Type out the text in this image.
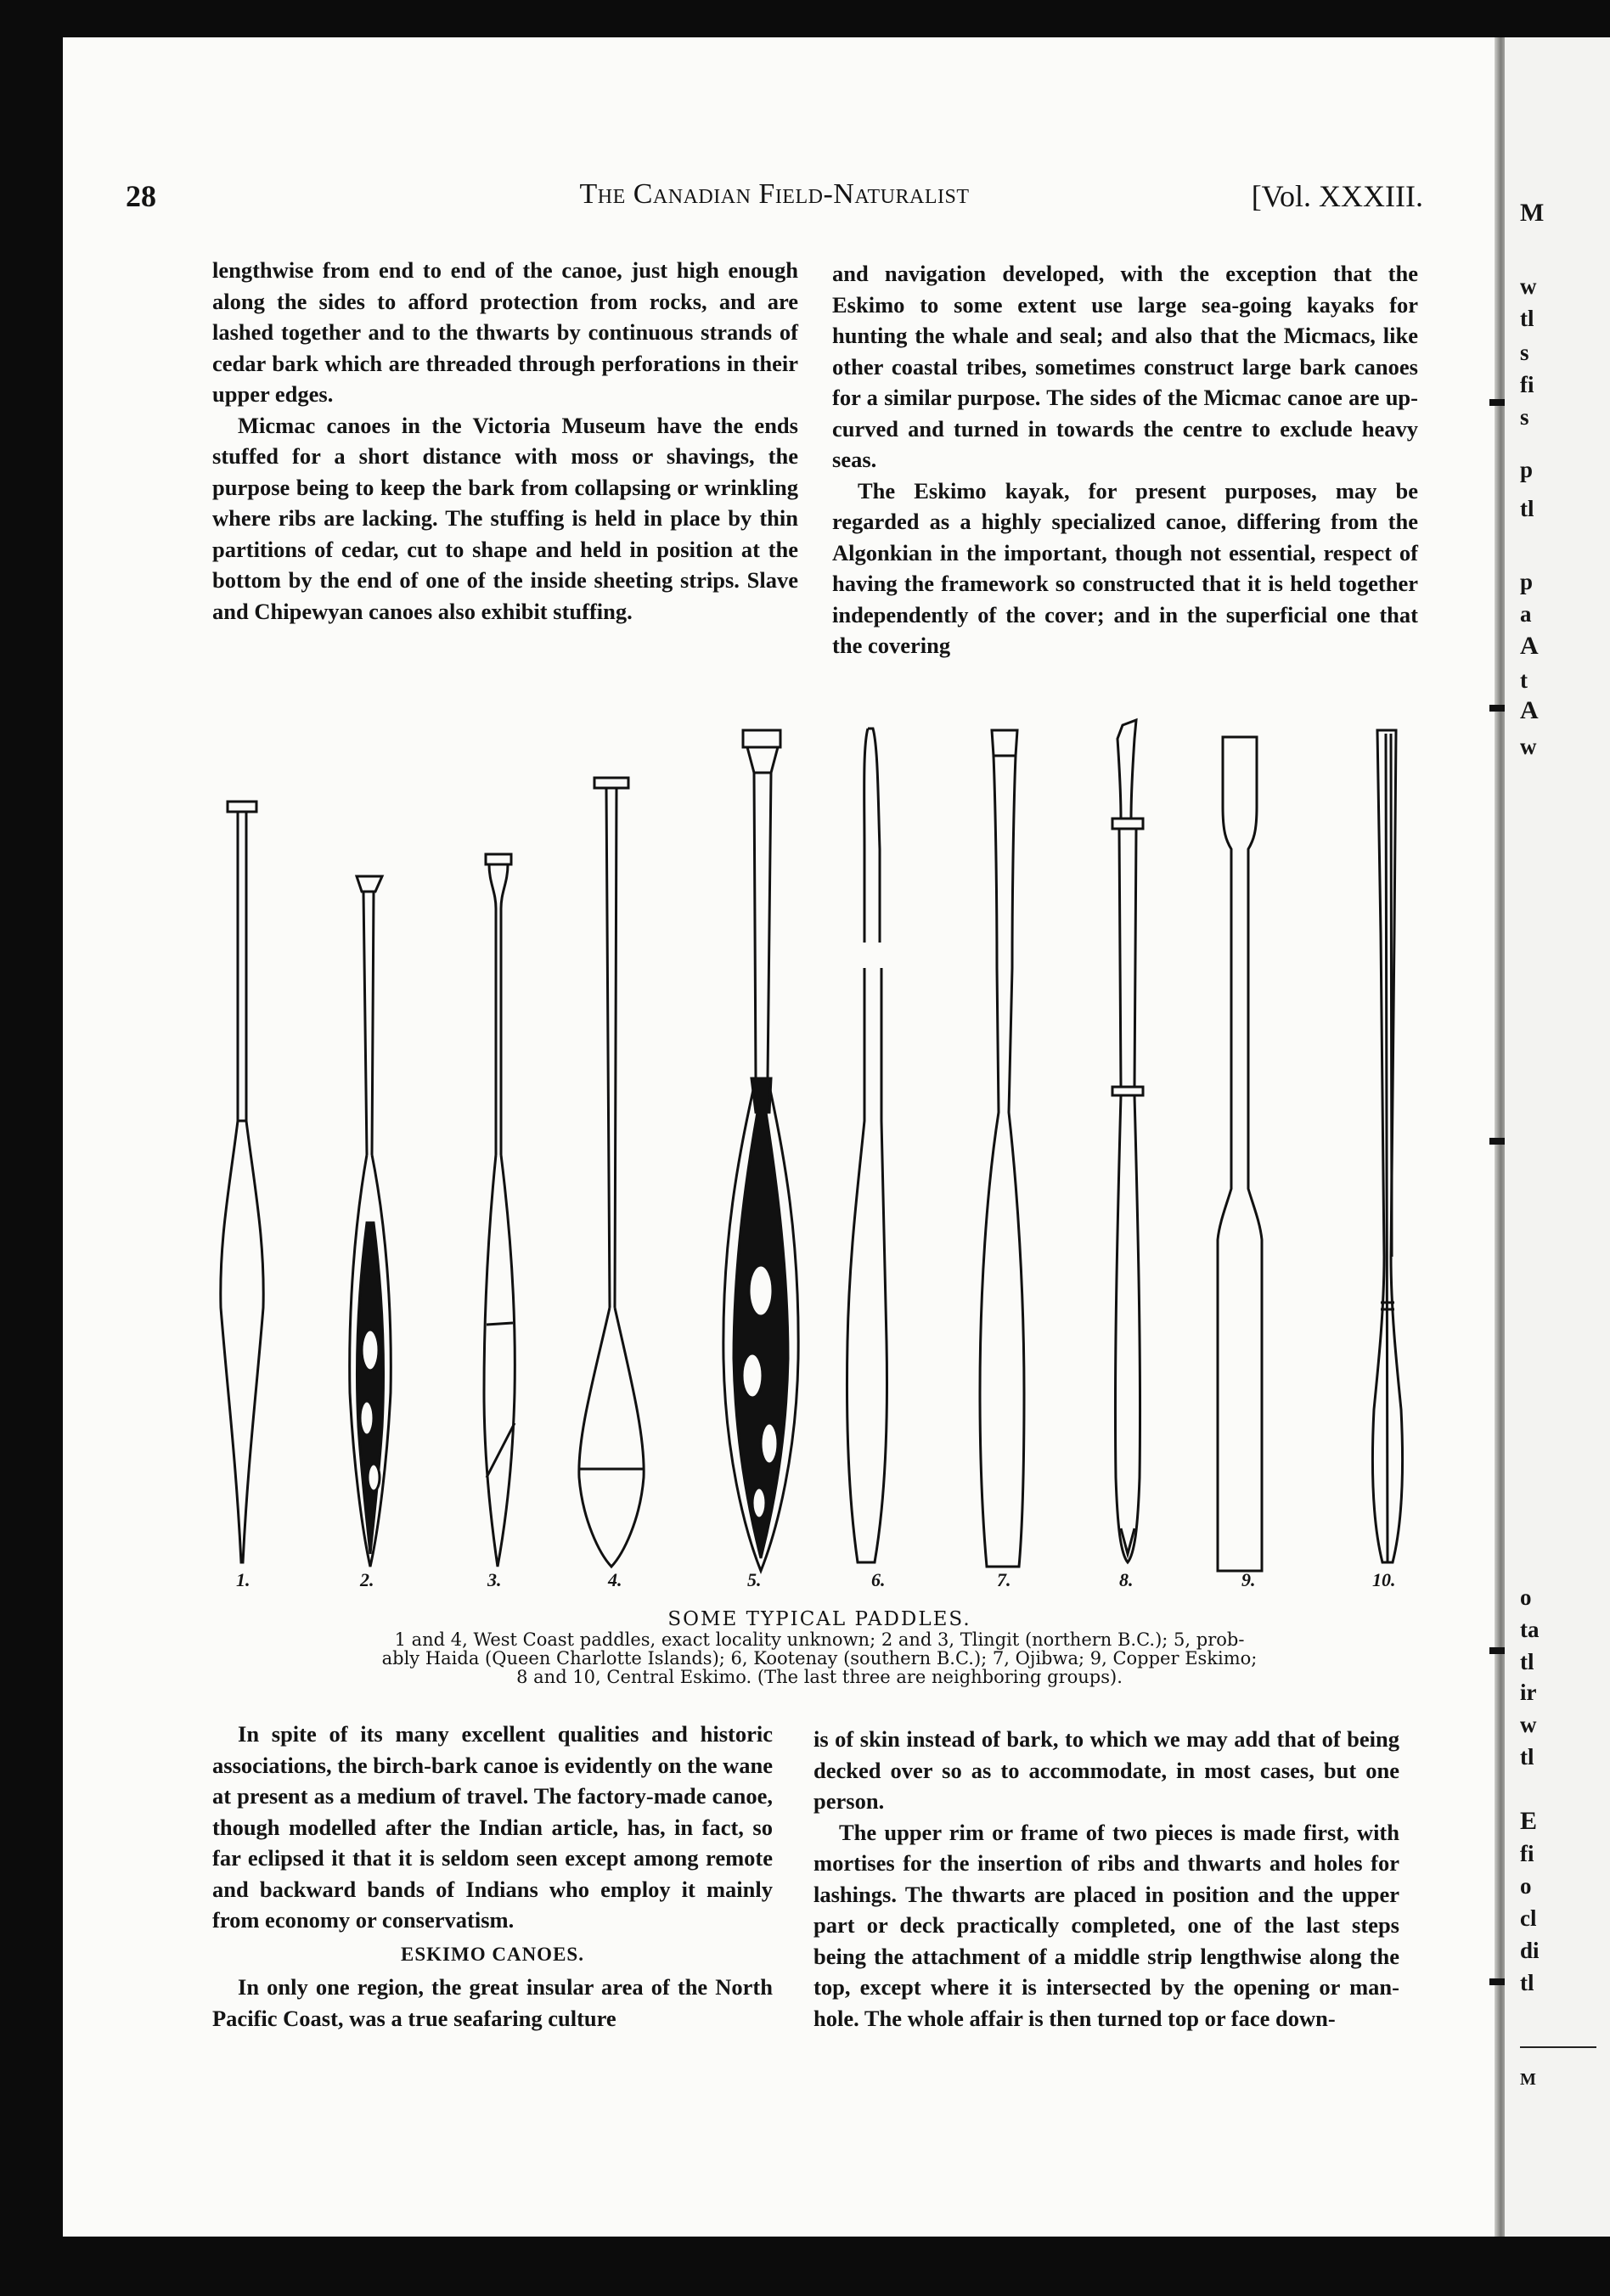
M
w
tl
s
fi
s
p
tl
p
a
A
t
A
w
o
ta
tl
ir
w
tl
E
fi
o
cl
di
tl
M
28	The Canadian Field-Naturalist	[Vol. XXXIII.

lengthwise from end to end of the canoe, just high enough along the sides to afford protection from rocks, and are lashed together and to the thwarts by continuous strands of cedar bark which are threaded through perforations in their upper edges.

Micmac canoes in the Victoria Museum have the ends stuffed for a short distance with moss or shavings, the purpose being to keep the bark from collapsing or wrinkling where ribs are lacking. The stuffing is held in place by thin partitions of cedar, cut to shape and held in position at the bottom by the end of one of the inside sheeting strips. Slave and Chipewyan canoes also exhibit stuffing.

and navigation developed, with the exception that the Eskimo to some extent use large sea-going kayaks for hunting the whale and seal; and also that the Micmacs, like other coastal tribes, sometimes construct large bark canoes for a similar purpose. The sides of the Micmac canoe are up-curved and turned in towards the centre to exclude heavy seas.

The Eskimo kayak, for present purposes, may be regarded as a highly specialized canoe, differing from the Algonkian in the important, though not essential, respect of having the framework so constructed that it is held together independently of the cover; and in the superficial one that the covering

1.	2.	3.	4.	5.	6.	7.	8.	9.	10.
SOME TYPICAL PADDLES.
1 and 4, West Coast paddles, exact locality unknown; 2 and 3, Tlingit (northern B.C.); 5, prob-
ably Haida (Queen Charlotte Islands); 6, Kootenay (southern B.C.); 7, Ojibwa; 9, Copper Eskimo;
8 and 10, Central Eskimo. (The last three are neighboring groups).

In spite of its many excellent qualities and historic associations, the birch-bark canoe is evidently on the wane at present as a medium of travel. The factory-made canoe, though modelled after the Indian article, has, in fact, so far eclipsed it that it is seldom seen except among remote and backward bands of Indians who employ it mainly from economy or conservatism.

ESKIMO CANOES.

In only one region, the great insular area of the North Pacific Coast, was a true seafaring culture

is of skin instead of bark, to which we may add that of being decked over so as to accommodate, in most cases, but one person.

The upper rim or frame of two pieces is made first, with mortises for the insertion of ribs and thwarts and holes for lashings. The thwarts are placed in position and the upper part or deck practically completed, one of the last steps being the attachment of a middle strip lengthwise along the top, except where it is intersected by the opening or man-hole. The whole affair is then turned top or face down-
